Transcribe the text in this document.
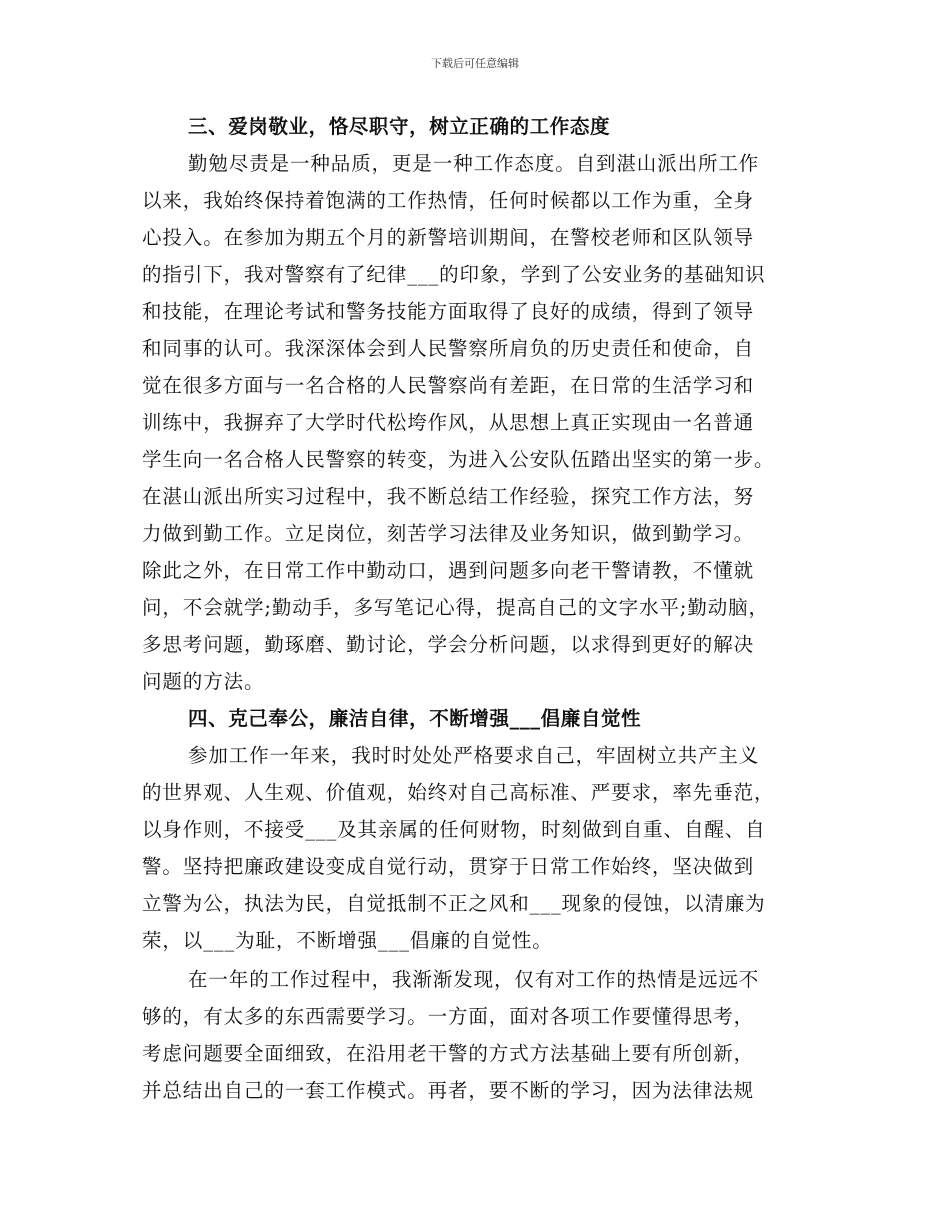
下载后可任意编辑
三、爱岗敬业，恪尽职守，树立正确的工作态度
勤勉尽责是一种品质，更是一种工作态度。自到湛山派出所工作
以来，我始终保持着饱满的工作热情，任何时候都以工作为重，全身
心投入。在参加为期五个月的新警培训期间，在警校老师和区队领导
的指引下，我对警察有了纪律___的印象，学到了公安业务的基础知识
和技能，在理论考试和警务技能方面取得了良好的成绩，得到了领导
和同事的认可。我深深体会到人民警察所肩负的历史责任和使命，自
觉在很多方面与一名合格的人民警察尚有差距，在日常的生活学习和
训练中，我摒弃了大学时代松垮作风，从思想上真正实现由一名普通
学生向一名合格人民警察的转变，为进入公安队伍踏出坚实的第一步。
在湛山派出所实习过程中，我不断总结工作经验，探究工作方法，努
力做到勤工作。立足岗位，刻苦学习法律及业务知识，做到勤学习。
除此之外，在日常工作中勤动口，遇到问题多向老干警请教，不懂就
问，不会就学;勤动手，多写笔记心得，提高自己的文字水平;勤动脑，
多思考问题，勤琢磨、勤讨论，学会分析问题，以求得到更好的解决
问题的方法。
四、克己奉公，廉洁自律，不断增强___倡廉自觉性
参加工作一年来，我时时处处严格要求自己，牢固树立共产主义
的世界观、人生观、价值观，始终对自己高标准、严要求，率先垂范，
以身作则，不接受___及其亲属的任何财物，时刻做到自重、自醒、自
警。坚持把廉政建设变成自觉行动，贯穿于日常工作始终，坚决做到
立警为公，执法为民，自觉抵制不正之风和___现象的侵蚀，以清廉为
荣，以___为耻，不断增强___倡廉的自觉性。
在一年的工作过程中，我渐渐发现，仅有对工作的热情是远远不
够的，有太多的东西需要学习。一方面，面对各项工作要懂得思考，
考虑问题要全面细致，在沿用老干警的方式方法基础上要有所创新，
并总结出自己的一套工作模式。再者，要不断的学习，因为法律法规
